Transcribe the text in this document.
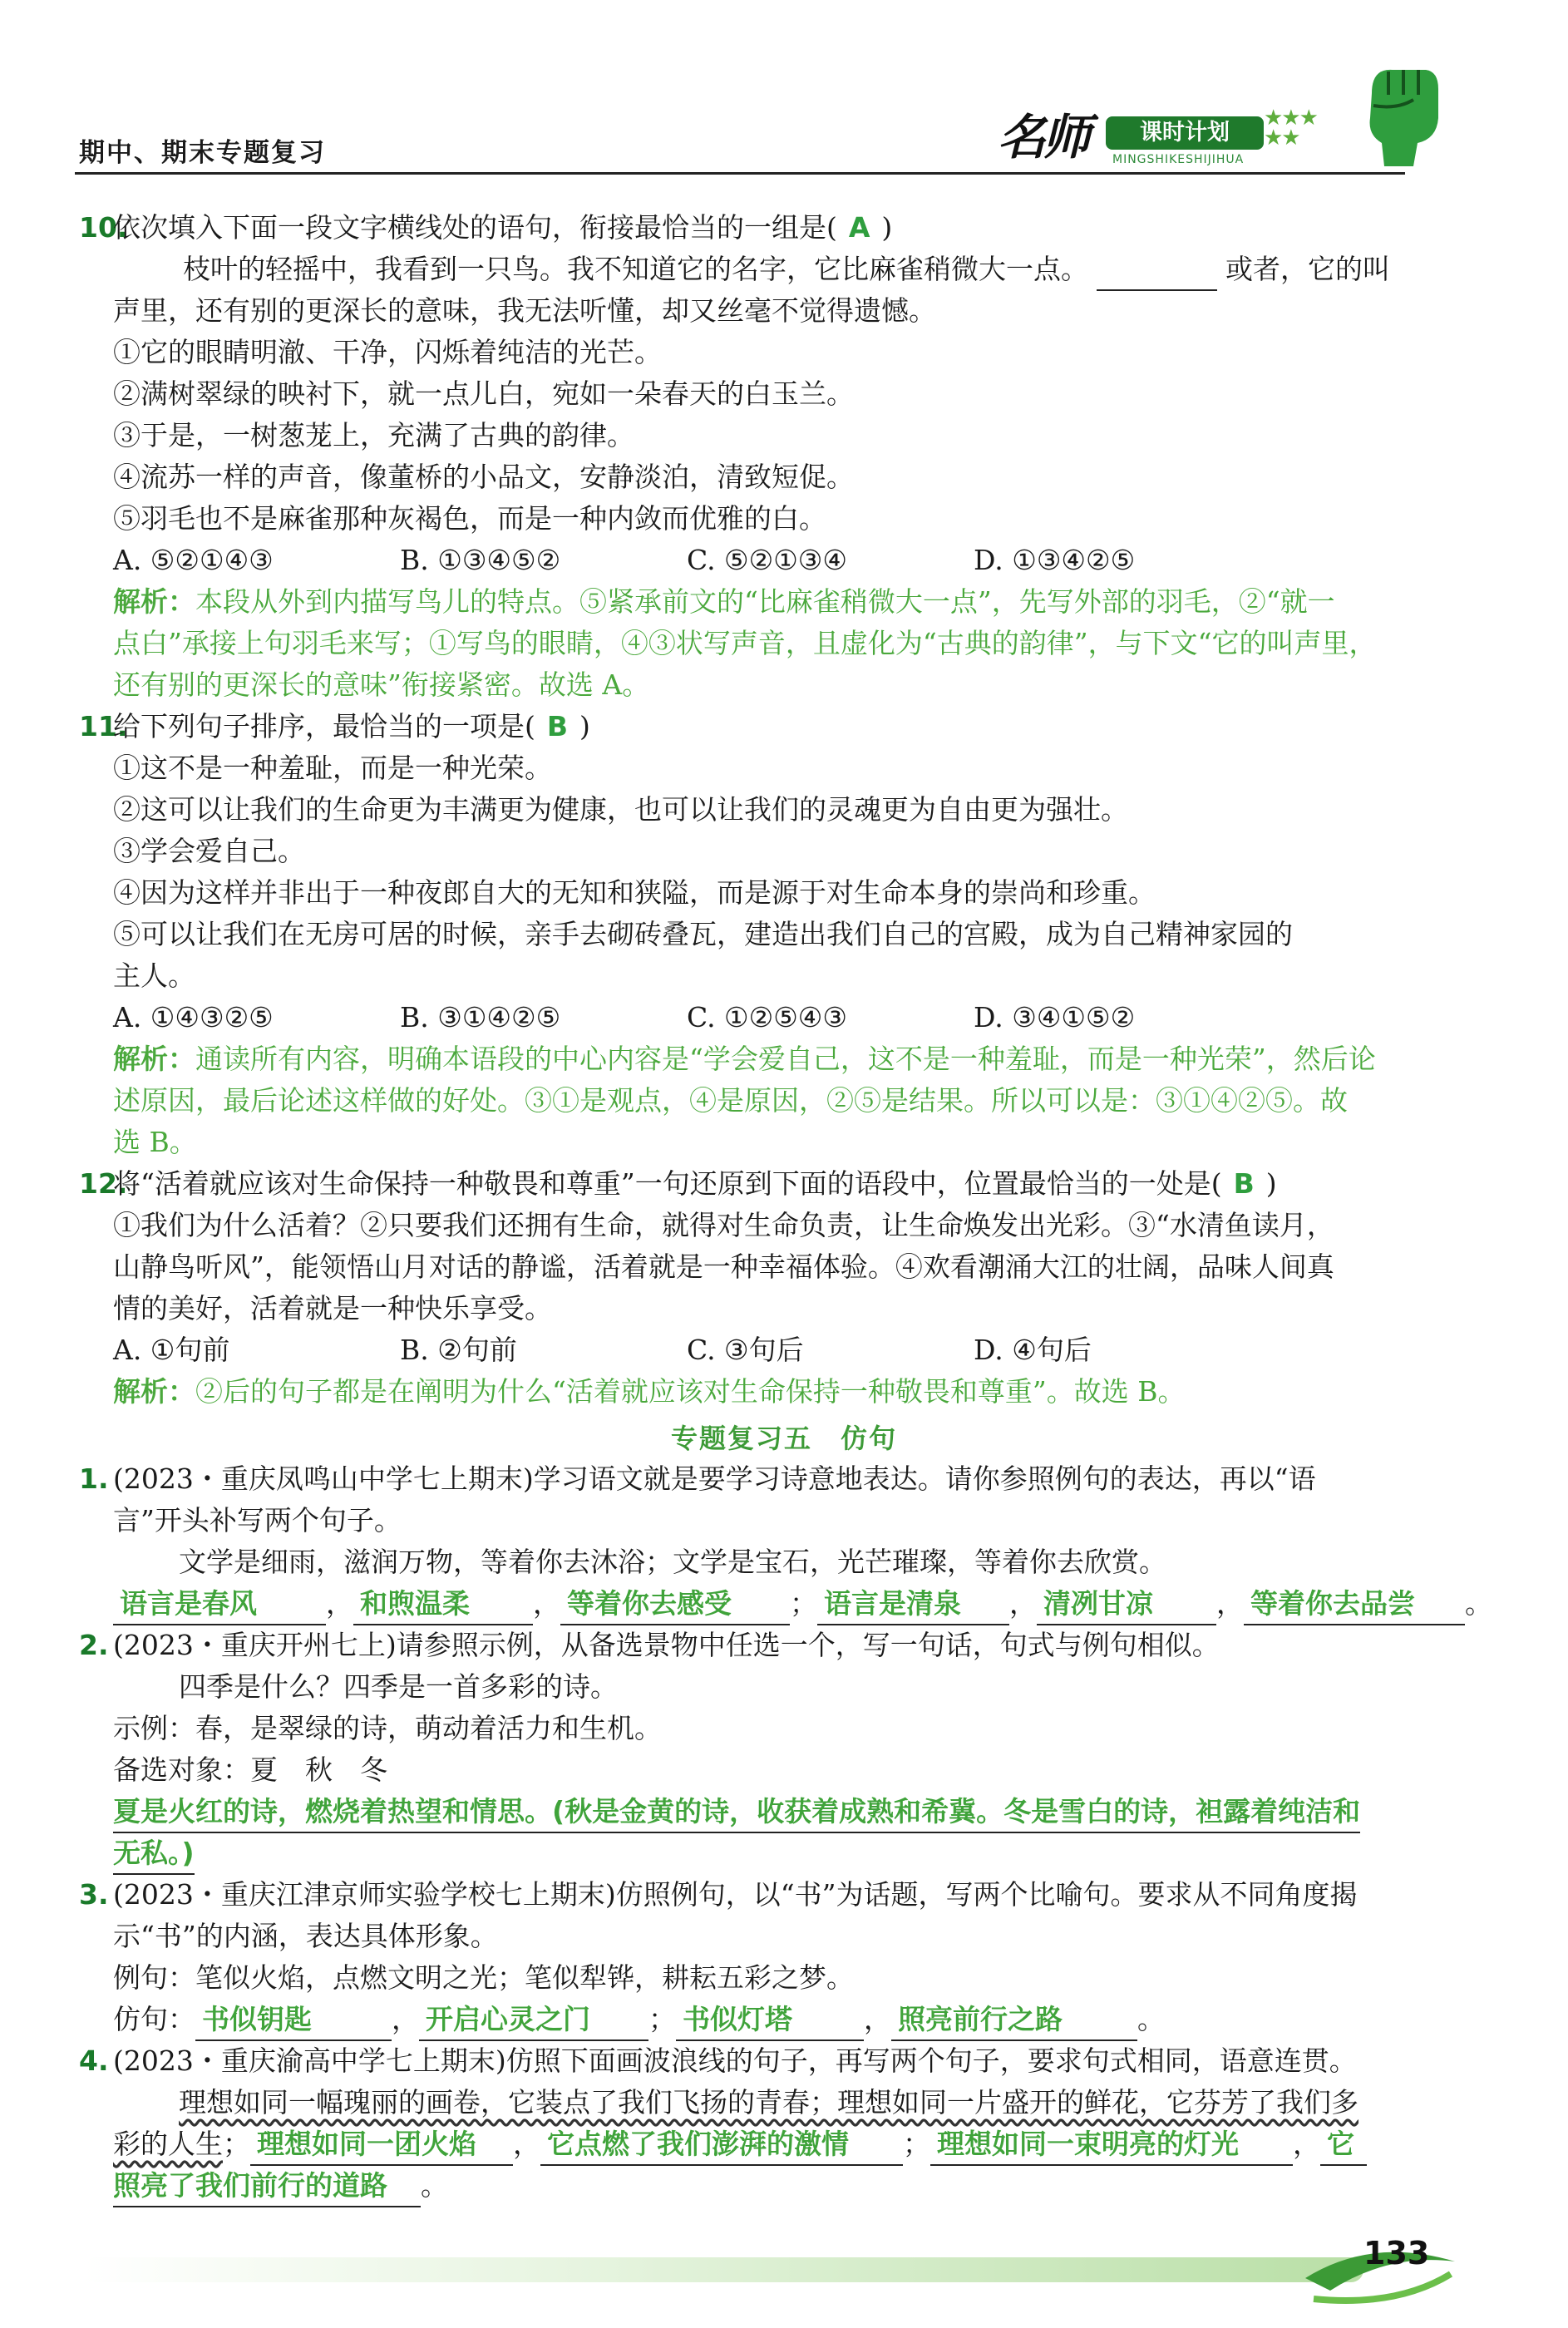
期中、期末专题复习	名师	课时计划
MINGSHIKESHIJIHUA
★★★
★★
10.
依次填入下面一段文字横线处的语句，衔接最恰当的一组是( A )
枝叶的轻摇中，我看到一只鸟。我不知道它的名字，它比麻雀稍微大一点。	或者，它的叫
声里，还有别的更深长的意味，我无法听懂，却又丝毫不觉得遗憾。
①它的眼睛明澈、干净，闪烁着纯洁的光芒。
②满树翠绿的映衬下，就一点儿白，宛如一朵春天的白玉兰。
③于是，一树葱茏上，充满了古典的韵律。
④流苏一样的声音，像董桥的小品文，安静淡泊，清致短促。
⑤羽毛也不是麻雀那种灰褐色，而是一种内敛而优雅的白。
A. ⑤②①④③	B. ①③④⑤②	C. ⑤②①③④	D. ①③④②⑤
解析：本段从外到内描写鸟儿的特点。⑤紧承前文的“比麻雀稍微大一点”，先写外部的羽毛，②“就一
点白”承接上句羽毛来写；①写鸟的眼睛，④③状写声音，且虚化为“古典的韵律”，与下文“它的叫声里，
还有别的更深长的意味”衔接紧密。故选 A。
11.
给下列句子排序，最恰当的一项是( B )
①这不是一种羞耻，而是一种光荣。
②这可以让我们的生命更为丰满更为健康，也可以让我们的灵魂更为自由更为强壮。
③学会爱自己。
④因为这样并非出于一种夜郎自大的无知和狭隘，而是源于对生命本身的崇尚和珍重。
⑤可以让我们在无房可居的时候，亲手去砌砖叠瓦，建造出我们自己的宫殿，成为自己精神家园的
主人。
A. ①④③②⑤	B. ③①④②⑤	C. ①②⑤④③	D. ③④①⑤②
解析：通读所有内容，明确本语段的中心内容是“学会爱自己，这不是一种羞耻，而是一种光荣”，然后论
述原因，最后论述这样做的好处。③①是观点，④是原因，②⑤是结果。所以可以是：③①④②⑤。故
选 B。
12.
将“活着就应该对生命保持一种敬畏和尊重”一句还原到下面的语段中，位置最恰当的一处是( B )
①我们为什么活着？②只要我们还拥有生命，就得对生命负责，让生命焕发出光彩。③“水清鱼读月，
山静鸟听风”，能领悟山月对话的静谧，活着就是一种幸福体验。④欢看潮涌大江的壮阔，品味人间真
情的美好，活着就是一种快乐享受。
A. ①句前	B. ②句前	C. ③句后	D. ④句后
解析：②后的句子都是在阐明为什么“活着就应该对生命保持一种敬畏和尊重”。故选 B。
专题复习五　仿句
1. (2023・重庆凤鸣山中学七上期末)学习语文就是要学习诗意地表达。请你参照例句的表达，再以“语
言”开头补写两个句子。
文学是细雨，滋润万物，等着你去沐浴；文学是宝石，光芒璀璨，等着你去欣赏。
语言是春风	， 和煦温柔 ， 等着你去感受 ； 语言是清泉 ， 清冽甘凉 ， 等着你去品尝 。
2. (2023・重庆开州七上)请参照示例，从备选景物中任选一个，写一句话，句式与例句相似。
四季是什么？四季是一首多彩的诗。
示例：春，是翠绿的诗，萌动着活力和生机。
备选对象：夏　秋　冬
夏是火红的诗，燃烧着热望和情思。(秋是金黄的诗，收获着成熟和希冀。冬是雪白的诗，袒露着纯洁和
无私。)
3. (2023・重庆江津京师实验学校七上期末)仿照例句，以“书”为话题，写两个比喻句。要求从不同角度揭
示“书”的内涵，表达具体形象。
例句：笔似火焰，点燃文明之光；笔似犁铧，耕耘五彩之梦。
仿句： 书似钥匙	， 开启心灵之门 ； 书似灯塔	， 照亮前行之路	。
4. (2023・重庆渝高中学七上期末)仿照下面画波浪线的句子，再写两个句子，要求句式相同，语意连贯。
理想如同一幅瑰丽的画卷，它装点了我们飞扬的青春；理想如同一片盛开的鲜花，它芬芳了我们多
彩的人生； 理想如同一团火焰 ， 它点燃了我们澎湃的激情 ； 理想如同一束明亮的灯光 ， 它
照亮了我们前行的道路 。
133
